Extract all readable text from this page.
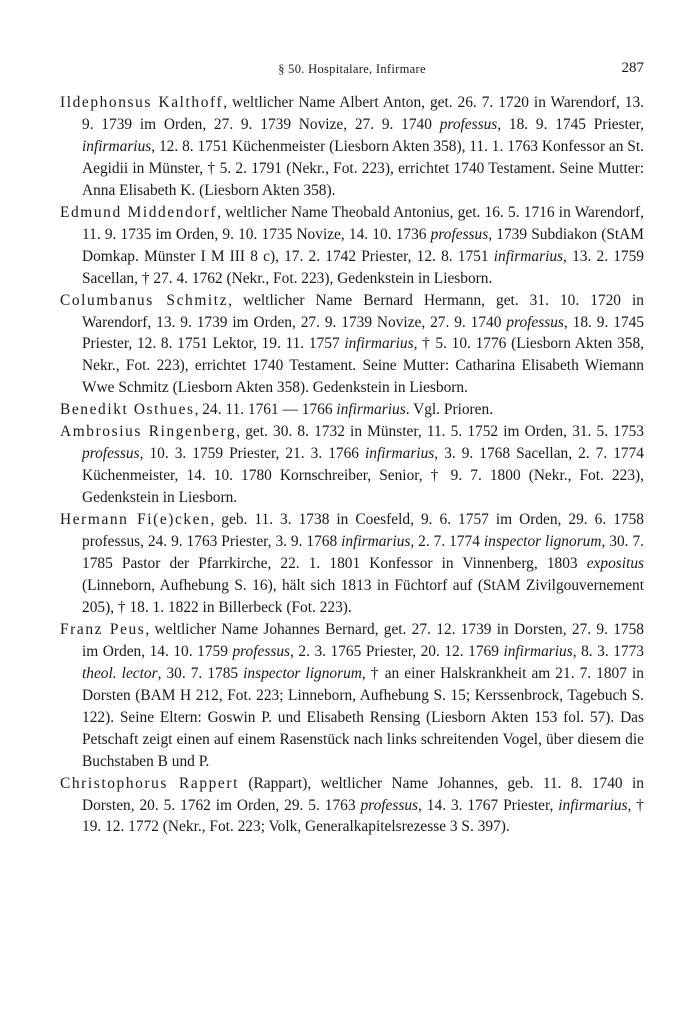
§ 50. Hospitalare, Infirmare	287
Ildephonsus Kalthoff, weltlicher Name Albert Anton, get. 26. 7. 1720 in Warendorf, 13. 9. 1739 im Orden, 27. 9. 1739 Novize, 27. 9. 1740 professus, 18. 9. 1745 Priester, infirmarius, 12. 8. 1751 Küchenmeister (Liesborn Akten 358), 11. 1. 1763 Konfessor an St. Aegidii in Münster, † 5. 2. 1791 (Nekr., Fot. 223), errichtet 1740 Testament. Seine Mutter: Anna Elisabeth K. (Liesborn Akten 358).
Edmund Middendorf, weltlicher Name Theobald Antonius, get. 16. 5. 1716 in Warendorf, 11. 9. 1735 im Orden, 9. 10. 1735 Novize, 14. 10. 1736 professus, 1739 Subdiakon (StAM Domkap. Münster I M III 8 c), 17. 2. 1742 Priester, 12. 8. 1751 infirmarius, 13. 2. 1759 Sacellan, † 27. 4. 1762 (Nekr., Fot. 223), Gedenkstein in Liesborn.
Columbanus Schmitz, weltlicher Name Bernard Hermann, get. 31. 10. 1720 in Warendorf, 13. 9. 1739 im Orden, 27. 9. 1739 Novize, 27. 9. 1740 professus, 18. 9. 1745 Priester, 12. 8. 1751 Lektor, 19. 11. 1757 infirmarius, † 5. 10. 1776 (Liesborn Akten 358, Nekr., Fot. 223), errichtet 1740 Testament. Seine Mutter: Catharina Elisabeth Wiemann Wwe Schmitz (Liesborn Akten 358). Gedenkstein in Liesborn.
Benedikt Osthues, 24. 11. 1761 — 1766 infirmarius. Vgl. Prioren.
Ambrosius Ringenberg, get. 30. 8. 1732 in Münster, 11. 5. 1752 im Orden, 31. 5. 1753 professus, 10. 3. 1759 Priester, 21. 3. 1766 infirmarius, 3. 9. 1768 Sacellan, 2. 7. 1774 Küchenmeister, 14. 10. 1780 Kornschreiber, Senior, † 9. 7. 1800 (Nekr., Fot. 223), Gedenkstein in Liesborn.
Hermann Fi(e)cken, geb. 11. 3. 1738 in Coesfeld, 9. 6. 1757 im Orden, 29. 6. 1758 professus, 24. 9. 1763 Priester, 3. 9. 1768 infirmarius, 2. 7. 1774 inspector lignorum, 30. 7. 1785 Pastor der Pfarrkirche, 22. 1. 1801 Konfessor in Vinnenberg, 1803 expositus (Linneborn, Aufhebung S. 16), hält sich 1813 in Füchtorf auf (StAM Zivilgouvernement 205), † 18. 1. 1822 in Billerbeck (Fot. 223).
Franz Peus, weltlicher Name Johannes Bernard, get. 27. 12. 1739 in Dorsten, 27. 9. 1758 im Orden, 14. 10. 1759 professus, 2. 3. 1765 Priester, 20. 12. 1769 infirmarius, 8. 3. 1773 theol. lector, 30. 7. 1785 inspector lignorum, † an einer Halskrankheit am 21. 7. 1807 in Dorsten (BAM H 212, Fot. 223; Linneborn, Aufhebung S. 15; Kerssenbrock, Tagebuch S. 122). Seine Eltern: Goswin P. und Elisabeth Rensing (Liesborn Akten 153 fol. 57). Das Petschaft zeigt einen auf einem Rasenstück nach links schreitenden Vogel, über diesem die Buchstaben B und P.
Christophorus Rappert (Rappart), weltlicher Name Johannes, geb. 11. 8. 1740 in Dorsten, 20. 5. 1762 im Orden, 29. 5. 1763 professus, 14. 3. 1767 Priester, infirmarius, † 19. 12. 1772 (Nekr., Fot. 223; Volk, Generalkapitelsrezesse 3 S. 397).
